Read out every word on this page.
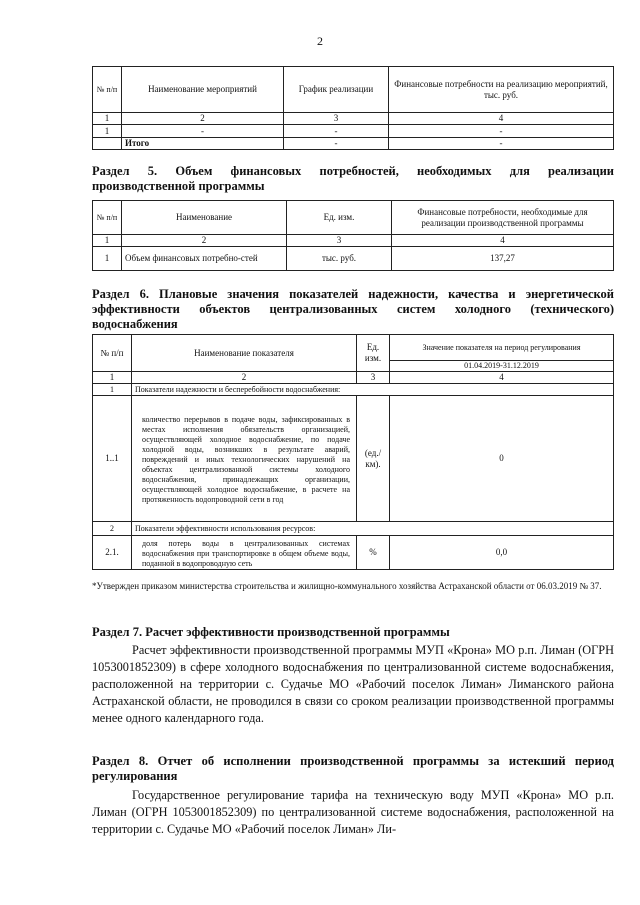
2
№ п/п	Наименование мероприятий	График реализации	Финансовые потребности на реализацию мероприятий, тыс. руб.
1	2	3	4
1	-	-	-
	Итого	-	-
Раздел 5. Объем финансовых потребностей, необходимых для реализации производственной программы
№ п/п	Наименование	Ед. изм.	Финансовые потребности, необходимые для реализации производственной программы
1	2	3	4
1	Объем финансовых потребно-стей	тыс. руб.	137,27
Раздел 6. Плановые значения показателей надежности, качества и энергетической эффективности объектов централизованных систем холодного (технического) водоснабжения
№ п/п	Наименование показателя	Ед. изм.	Значение показателя на период регулирования
			01.04.2019-31.12.2019
1	2	3	4
1	Показатели надежности и бесперебойности водоснабжения:		
1..1	количество перерывов в подаче воды, зафиксированных в местах исполнения обязательств организацией, осуществляющей холодное водоснабжение, по подаче холодной воды, возникших в результате аварий, повреждений и иных технологических нарушений на объектах централизованной системы холодного водоснабжения, принадлежащих организации, осуществляющей холодное водоснабжение, в расчете на протяженность водопроводной сети в год	(ед./км).	0
2	Показатели эффективности использования ресурсов:		
2.1.	доля потерь воды в централизованных системах водоснабжения при транспортировке в общем объеме воды, поданной в водопроводную сеть	%	0,0
*Утвержден приказом министерства строительства и жилищно-коммунального хозяйства Астраханской области от 06.03.2019 № 37.
Раздел 7. Расчет эффективности производственной программы
Расчет эффективности производственной программы МУП «Крона» МО р.п. Лиман (ОГРН 1053001852309) в сфере холодного водоснабжения по централизованной системе водоснабжения, расположенной на территории с. Судачье МО «Рабочий поселок Лиман» Лиманского района Астраханской области, не проводился в связи со сроком реализации производственной программы менее одного календарного года.
Раздел 8. Отчет об исполнении производственной программы за истекший период регулирования
Государственное регулирование тарифа на техническую воду МУП «Крона» МО р.п. Лиман (ОГРН 1053001852309) по централизованной системе водоснабжения, расположенной на территории с. Судачье МО «Рабочий поселок Лиман» Ли-
